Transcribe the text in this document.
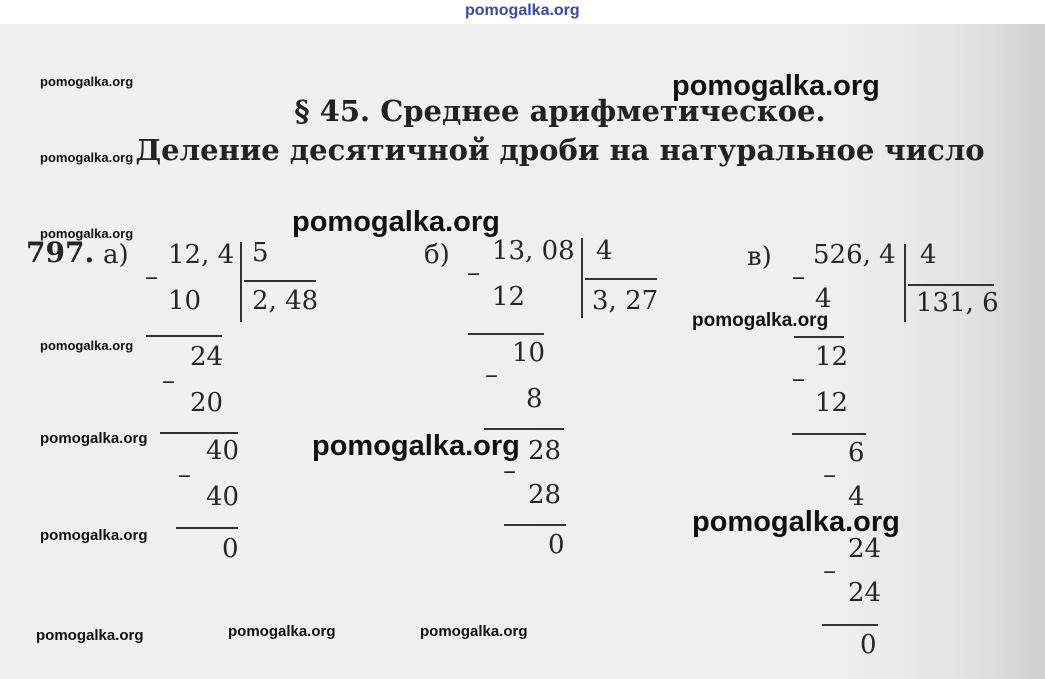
pomogalka.org
pomogalka.org
pomogalka.org
pomogalka.org
pomogalka.org
pomogalka.org
pomogalka.org
pomogalka.org	pomogalka.org	pomogalka.org
pomogalka.org
pomogalka.org
pomogalka.org
pomogalka.org
pomogalka.org
§ 45. Среднее арифметическое.
Деление десятичной дроби на натуральное число
797. а) 12, 4 5
2, 48
–
10
24
–
20
40
–
40
0
б) 13, 08 4
3, 27
–
12
10
–
8
28
–
28
0
в) 526, 4 4
131, 6
–
4
12
–
12
6
–
4
24
–
24
0
